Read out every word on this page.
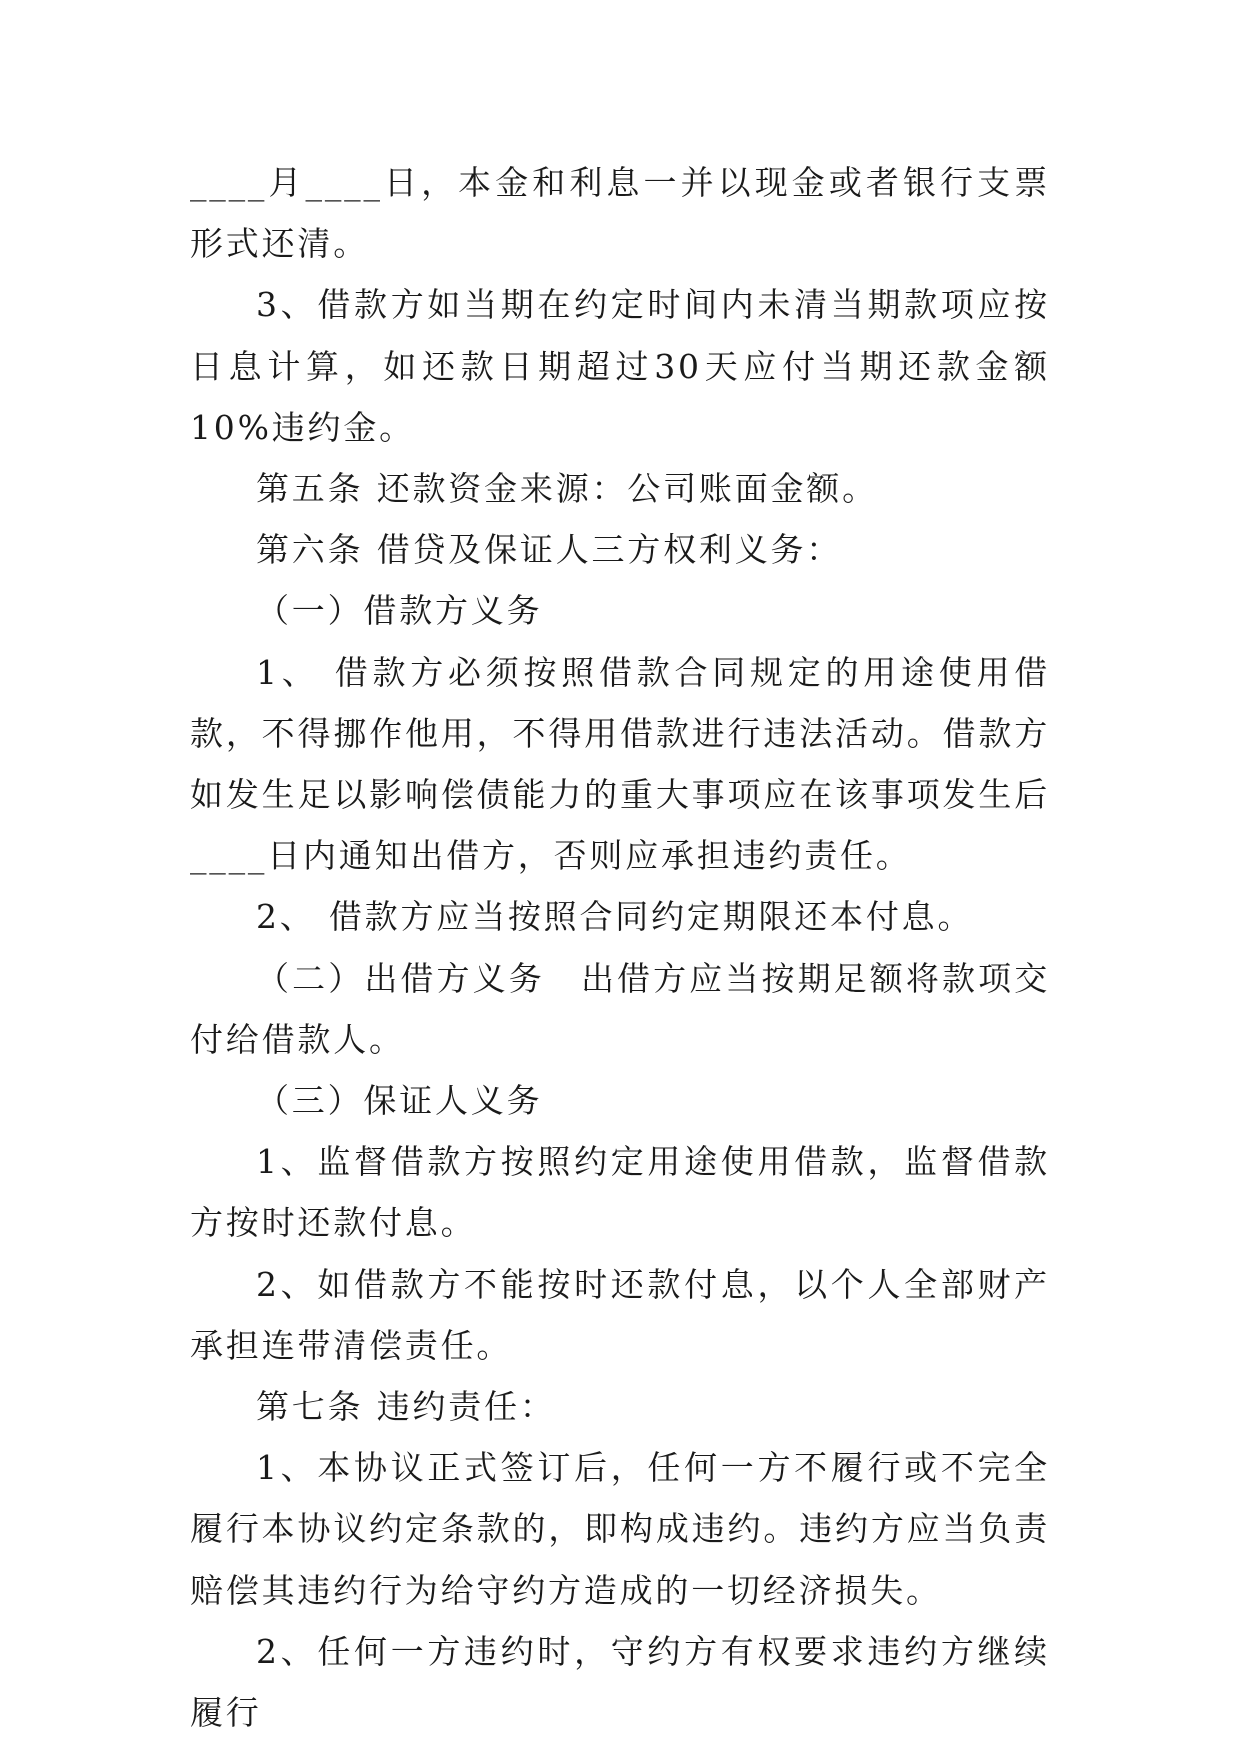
____月____日，本金和利息一并以现金或者银行支票形式还清。

3、借款方如当期在约定时间内未清当期款项应按日息计算，如还款日期超过30天应付当期还款金额10%违约金。

第五条 还款资金来源：公司账面金额。

第六条 借贷及保证人三方权利义务：

（一）借款方义务

1、 借款方必须按照借款合同规定的用途使用借款，不得挪作他用，不得用借款进行违法活动。借款方如发生足以影响偿债能力的重大事项应在该事项发生后____日内通知出借方，否则应承担违约责任。

2、 借款方应当按照合同约定期限还本付息。

（二）出借方义务　出借方应当按期足额将款项交付给借款人。

（三）保证人义务

1、监督借款方按照约定用途使用借款，监督借款方按时还款付息。

2、如借款方不能按时还款付息，以个人全部财产承担连带清偿责任。

第七条 违约责任：

1、本协议正式签订后，任何一方不履行或不完全履行本协议约定条款的，即构成违约。违约方应当负责赔偿其违约行为给守约方造成的一切经济损失。

2、任何一方违约时，守约方有权要求违约方继续履行
